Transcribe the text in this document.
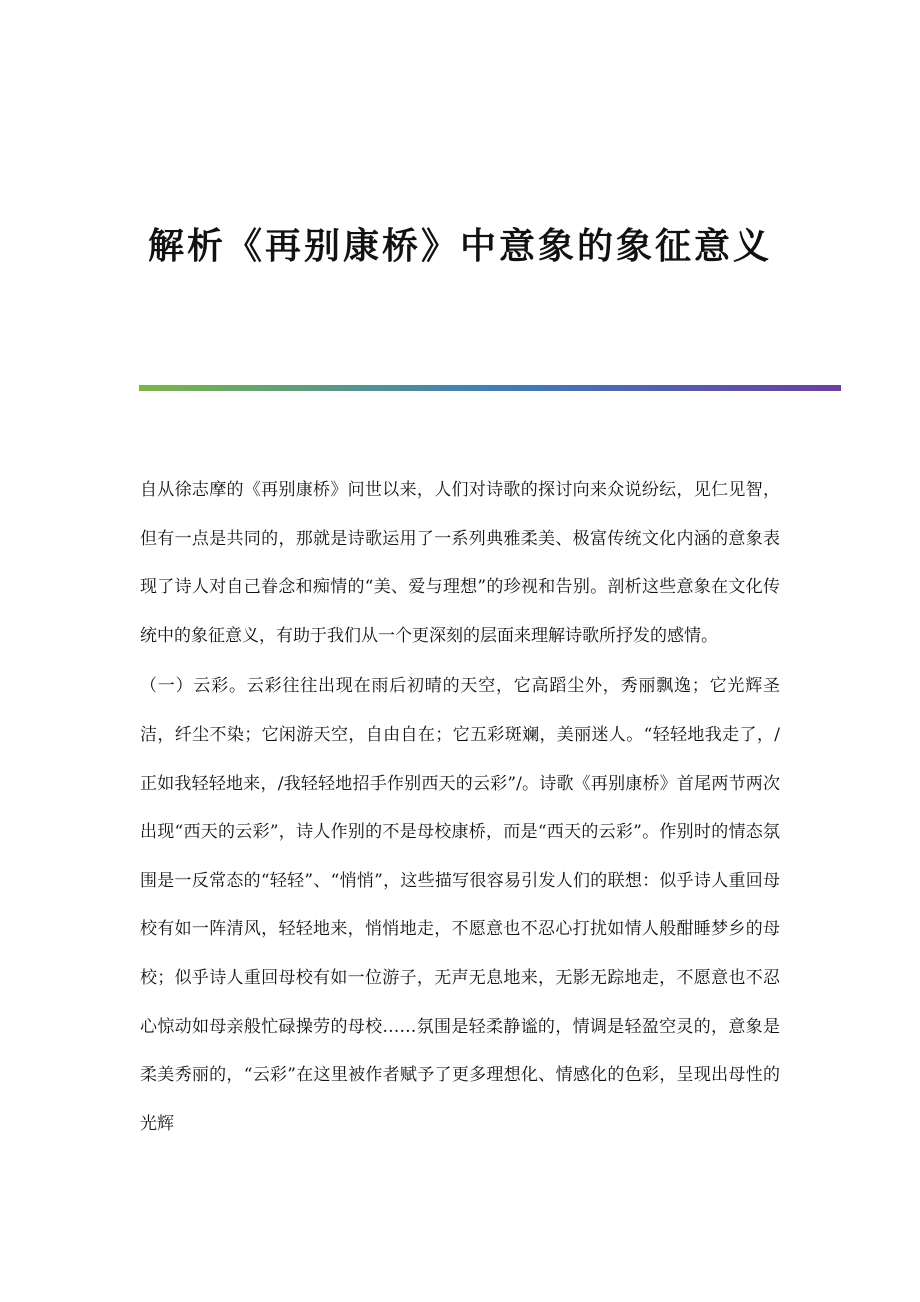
解析《再别康桥》中意象的象征意义

自从徐志摩的《再别康桥》问世以来，人们对诗歌的探讨向来众说纷纭，见仁见智，但有一点是共同的，那就是诗歌运用了一系列典雅柔美、极富传统文化内涵的意象表现了诗人对自己眷念和痴情的“美、爱与理想”的珍视和告别。剖析这些意象在文化传统中的象征意义，有助于我们从一个更深刻的层面来理解诗歌所抒发的感情。

（一）云彩。云彩往往出现在雨后初晴的天空，它高蹈尘外，秀丽飘逸；它光辉圣洁，纤尘不染；它闲游天空，自由自在；它五彩斑斓，美丽迷人。“轻轻地我走了，/正如我轻轻地来，/我轻轻地招手作别西天的云彩”/。诗歌《再别康桥》首尾两节两次出现“西天的云彩”，诗人作别的不是母校康桥，而是“西天的云彩”。作别时的情态氛围是一反常态的“轻轻”、“悄悄”，这些描写很容易引发人们的联想：似乎诗人重回母校有如一阵清风，轻轻地来，悄悄地走，不愿意也不忍心打扰如情人般酣睡梦乡的母校；似乎诗人重回母校有如一位游子，无声无息地来，无影无踪地走，不愿意也不忍心惊动如母亲般忙碌操劳的母校……氛围是轻柔静谧的，情调是轻盈空灵的，意象是柔美秀丽的，“云彩”在这里被作者赋予了更多理想化、情感化的色彩，呈现出母性的光辉
